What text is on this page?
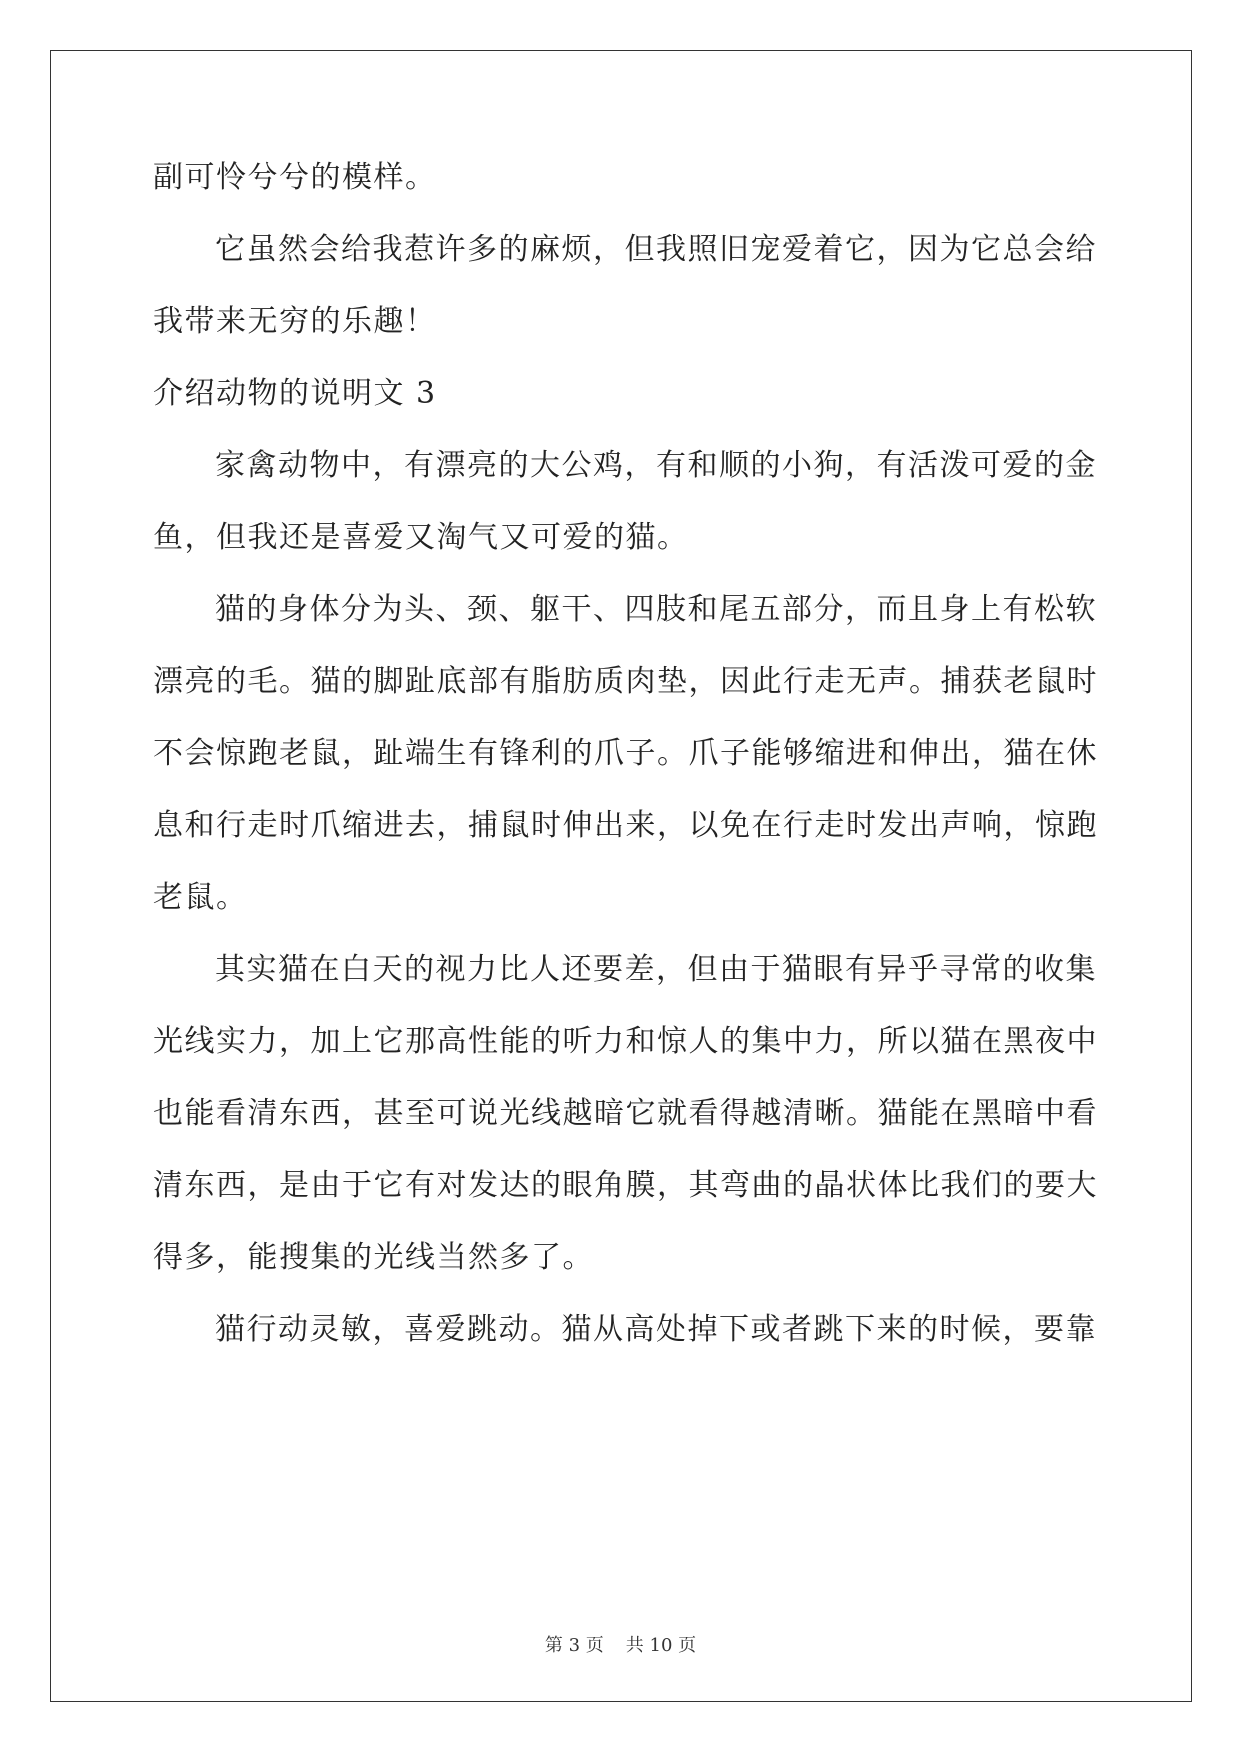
副可怜兮兮的模样。
它虽然会给我惹许多的麻烦，但我照旧宠爱着它，因为它总会给
我带来无穷的乐趣！
介绍动物的说明文 3
家禽动物中，有漂亮的大公鸡，有和顺的小狗，有活泼可爱的金
鱼，但我还是喜爱又淘气又可爱的猫。
猫的身体分为头、颈、躯干、四肢和尾五部分，而且身上有松软
漂亮的毛。猫的脚趾底部有脂肪质肉垫，因此行走无声。捕获老鼠时
不会惊跑老鼠，趾端生有锋利的爪子。爪子能够缩进和伸出，猫在休
息和行走时爪缩进去，捕鼠时伸出来，以免在行走时发出声响，惊跑
老鼠。
其实猫在白天的视力比人还要差，但由于猫眼有异乎寻常的收集
光线实力，加上它那高性能的听力和惊人的集中力，所以猫在黑夜中
也能看清东西，甚至可说光线越暗它就看得越清晰。猫能在黑暗中看
清东西，是由于它有对发达的眼角膜，其弯曲的晶状体比我们的要大
得多，能搜集的光线当然多了。
猫行动灵敏，喜爱跳动。猫从高处掉下或者跳下来的时候，要靠
第 3 页 共 10 页
